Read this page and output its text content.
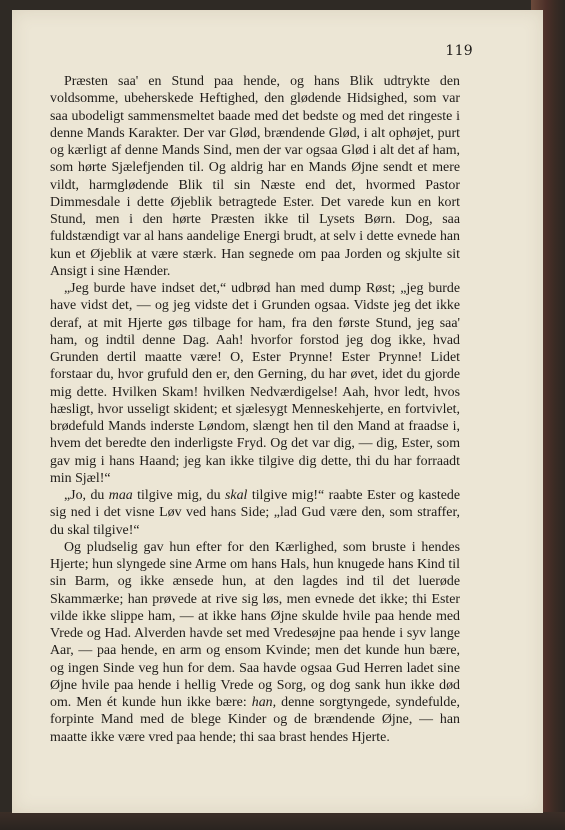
119

Præsten saa' en Stund paa hende, og hans Blik udtrykte den voldsomme, ubeherskede Heftighed, den glødende Hidsighed, som var saa ubodeligt sammensmeltet baade med det bedste og med det ringeste i denne Mands Karakter. Der var Glød, brændende Glød, i alt ophøjet, purt og kærligt af denne Mands Sind, men der var ogsaa Glød i alt det af ham, som hørte Sjælefjenden til. Og aldrig har en Mands Øjne sendt et mere vildt, harmglødende Blik til sin Næste end det, hvormed Pastor Dimmesdale i dette Øjeblik betragtede Ester. Det varede kun en kort Stund, men i den hørte Præsten ikke til Lysets Børn. Dog, saa fuldstændigt var al hans aandelige Energi brudt, at selv i dette evnede han kun et Øjeblik at være stærk. Han segnede om paa Jorden og skjulte sit Ansigt i sine Hænder.

„Jeg burde have indset det,“ udbrød han med dump Røst; „jeg burde have vidst det, — og jeg vidste det i Grunden ogsaa. Vidste jeg det ikke deraf, at mit Hjerte gøs tilbage for ham, fra den første Stund, jeg saa' ham, og indtil denne Dag. Aah! hvorfor forstod jeg dog ikke, hvad Grunden dertil maatte være! O, Ester Prynne! Ester Prynne! Lidet forstaar du, hvor grufuld den er, den Gerning, du har øvet, idet du gjorde mig dette. Hvilken Skam! hvilken Nedværdigelse! Aah, hvor ledt, hvos hæsligt, hvor usseligt skident; et sjælesygt Menneskehjerte, en fortvivlet, brødefuld Mands inderste Løndom, slængt hen til den Mand at fraadse i, hvem det beredte den inderligste Fryd. Og det var dig, — dig, Ester, som gav mig i hans Haand; jeg kan ikke tilgive dig dette, thi du har forraadt min Sjæl!“

„Jo, du maa tilgive mig, du skal tilgive mig!“ raabte Ester og kastede sig ned i det visne Løv ved hans Side; „lad Gud være den, som straffer, du skal tilgive!“

Og pludselig gav hun efter for den Kærlighed, som bruste i hendes Hjerte; hun slyngede sine Arme om hans Hals, hun knugede hans Kind til sin Barm, og ikke ænsede hun, at den lagdes ind til det luerøde Skammærke; han prøvede at rive sig løs, men evnede det ikke; thi Ester vilde ikke slippe ham, — at ikke hans Øjne skulde hvile paa hende med Vrede og Had. Alverden havde set med Vredesøjne paa hende i syv lange Aar, — paa hende, en arm og ensom Kvinde; men det kunde hun bære, og ingen Sinde veg hun for dem. Saa havde ogsaa Gud Herren ladet sine Øjne hvile paa hende i hellig Vrede og Sorg, og dog sank hun ikke død om. Men ét kunde hun ikke bære: han, denne sorgtyngede, syndefulde, forpinte Mand med de blege Kinder og de brændende Øjne, — han maatte ikke være vred paa hende; thi saa brast hendes Hjerte.
